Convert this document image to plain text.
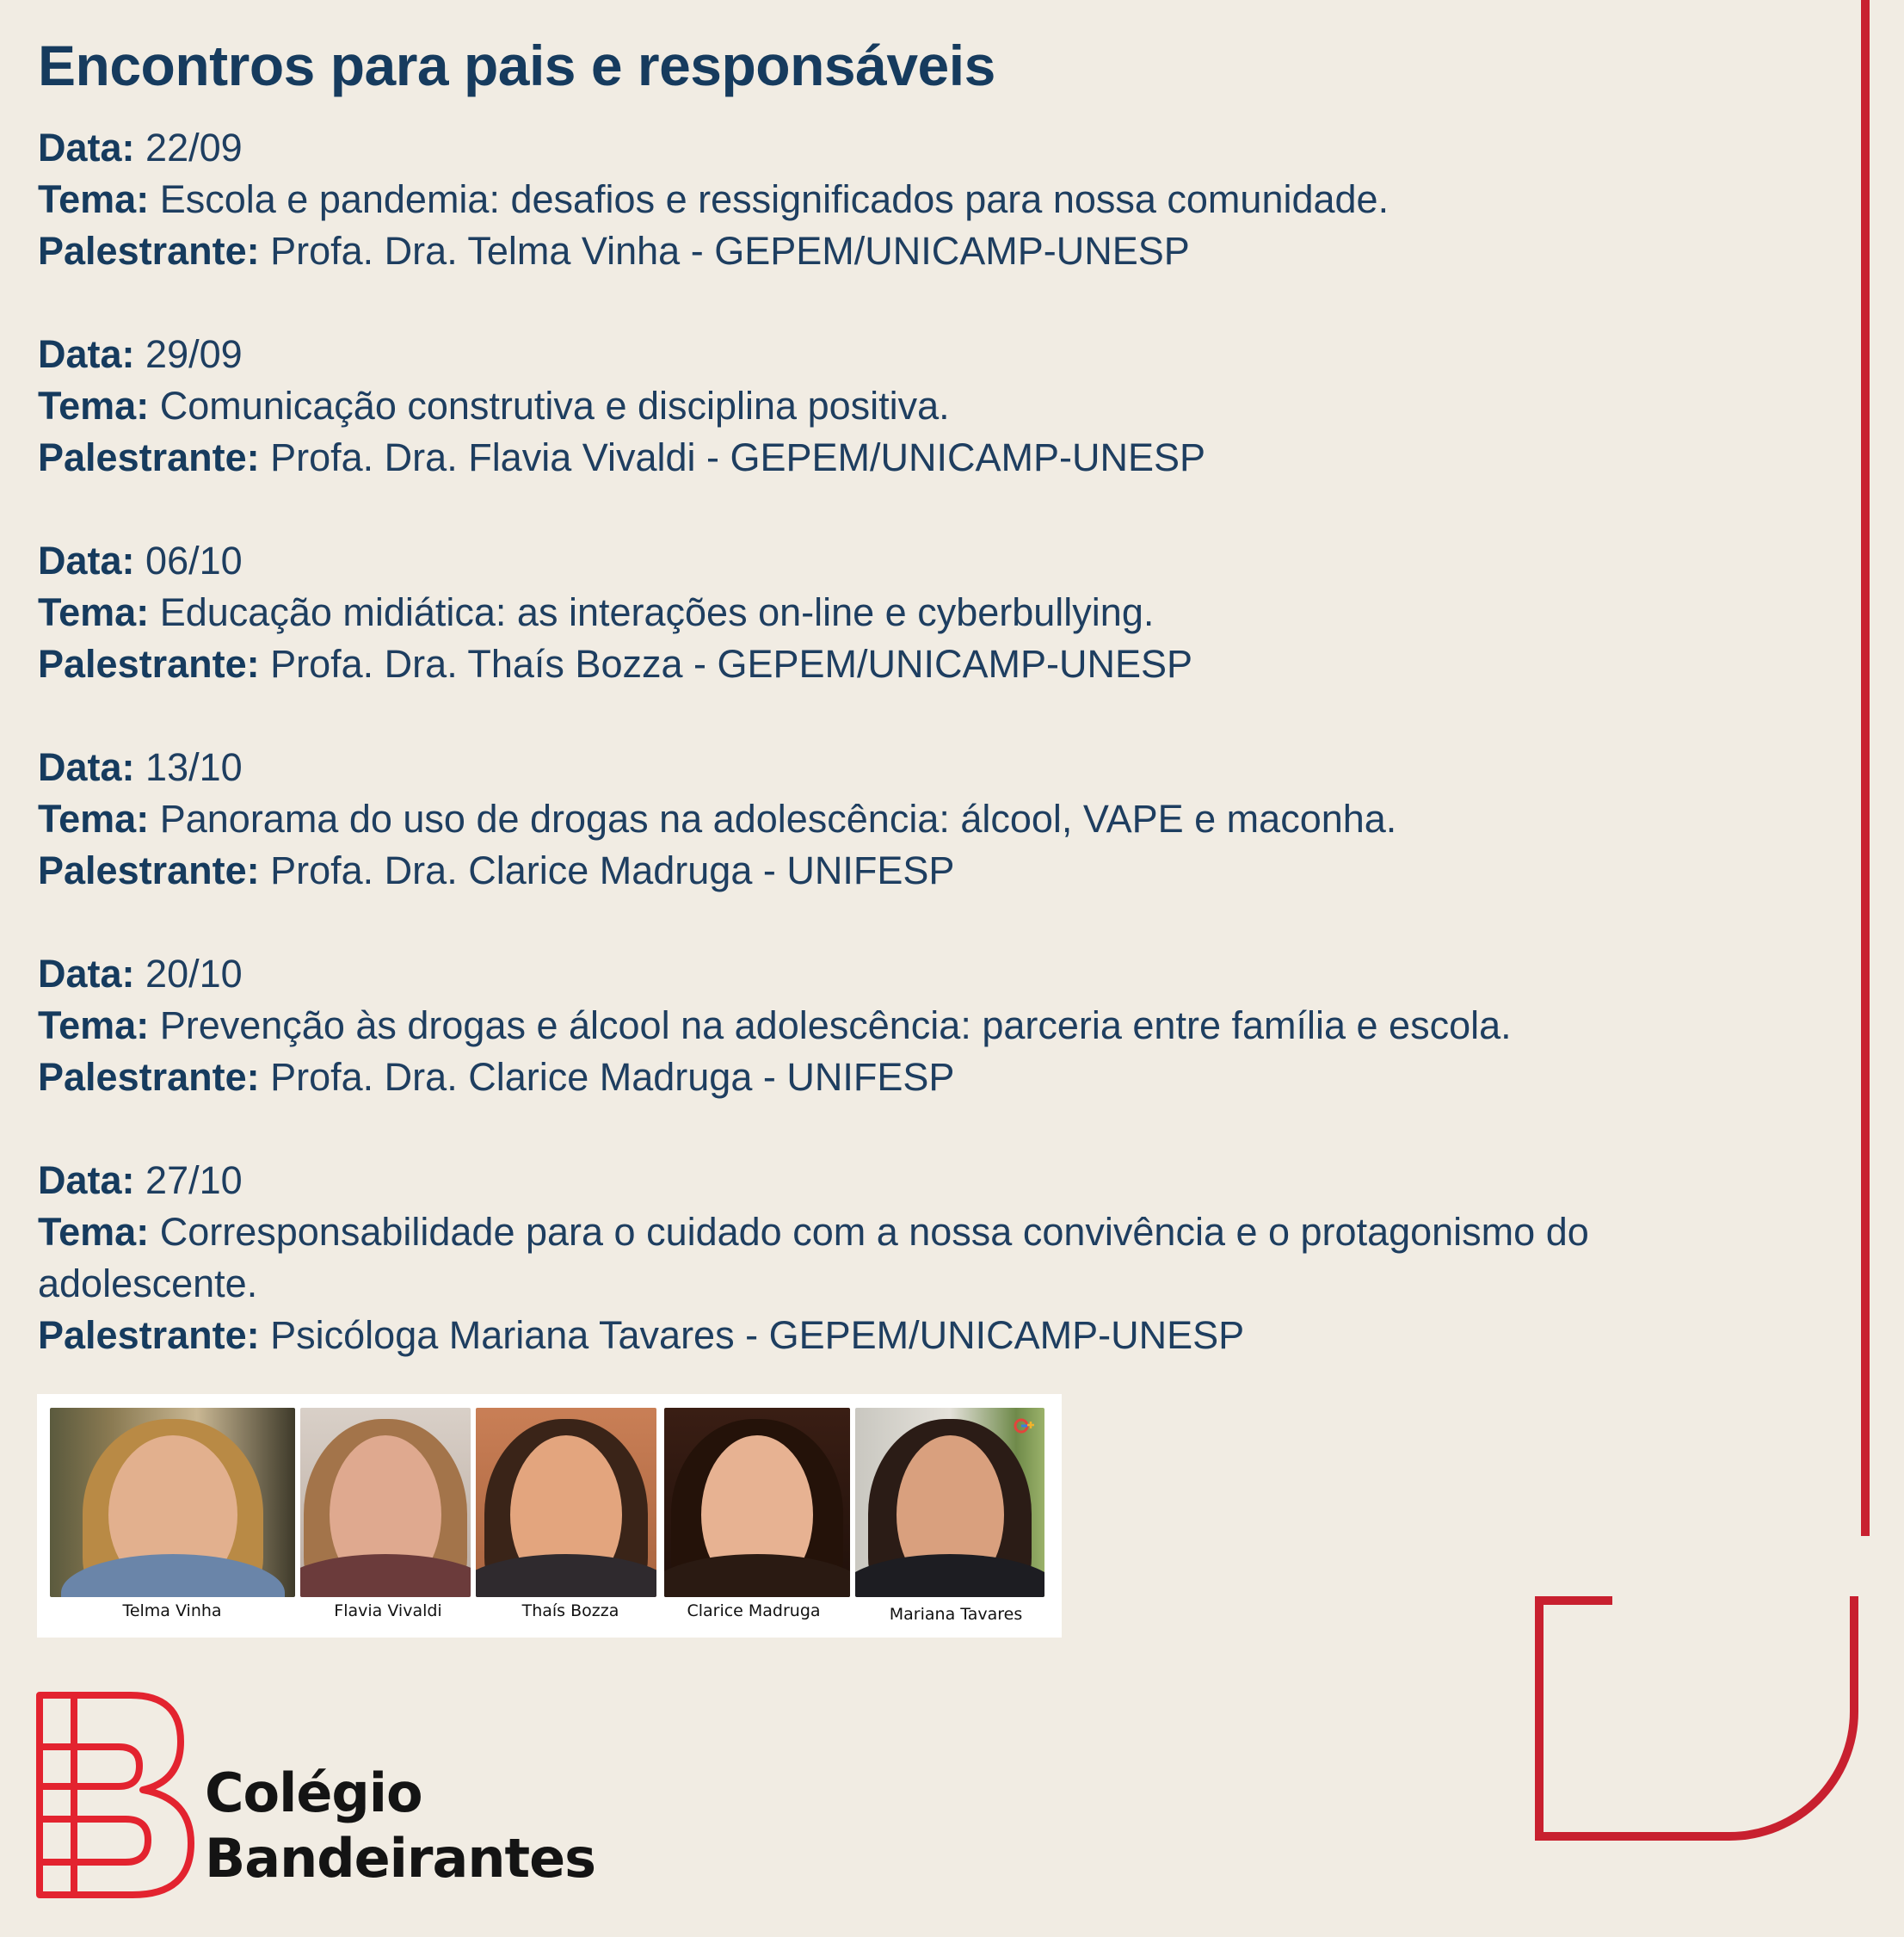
Encontros para pais e responsáveis
Data: 22/09
Tema: Escola e pandemia: desafios e ressignificados para nossa comunidade.
Palestrante: Profa. Dra. Telma Vinha - GEPEM/UNICAMP-UNESP
Data: 29/09
Tema: Comunicação construtiva e disciplina positiva.
Palestrante: Profa. Dra. Flavia Vivaldi - GEPEM/UNICAMP-UNESP
Data: 06/10
Tema: Educação midiática: as interações on-line e cyberbullying.
Palestrante: Profa. Dra. Thaís Bozza - GEPEM/UNICAMP-UNESP
Data: 13/10
Tema: Panorama do uso de drogas na adolescência: álcool, VAPE e maconha.
Palestrante: Profa. Dra. Clarice Madruga - UNIFESP
Data: 20/10
Tema: Prevenção às drogas e álcool na adolescência: parceria entre família e escola.
Palestrante: Profa. Dra. Clarice Madruga - UNIFESP
Data: 27/10
Tema: Corresponsabilidade para o cuidado com a nossa convivência e o protagonismo do adolescente.
Palestrante: Psicóloga Mariana Tavares - GEPEM/UNICAMP-UNESP
Telma Vinha	Flavia Vivaldi	Thaís Bozza	Clarice Madruga	Mariana Tavares
Colégio
Bandeirantes
